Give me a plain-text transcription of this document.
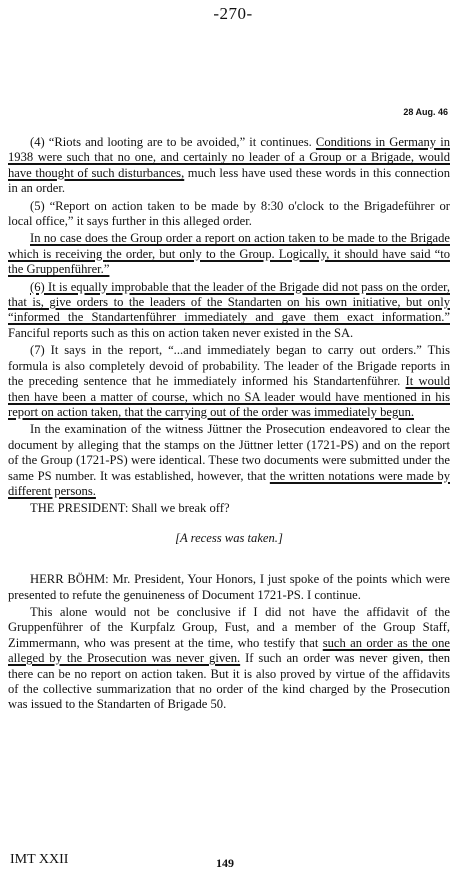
-270-
28 Aug. 46

(4) “Riots and looting are to be avoided,” it continues. Conditions in Germany in 1938 were such that no one, and certainly no leader of a Group or a Brigade, would have thought of such disturbances, much less have used these words in this connection in an order.

(5) “Report on action taken to be made by 8:30 o'clock to the Brigadeführer or local office,” it says further in this alleged order.

In no case does the Group order a report on action taken to be made to the Brigade which is receiving the order, but only to the Group. Logically, it should have said “to the Gruppenführer.”

(6) It is equally improbable that the leader of the Brigade did not pass on the order, that is, give orders to the leaders of the Standarten on his own initiative, but only “informed the Standartenführer immediately and gave them exact information.” Fanciful reports such as this on action taken never existed in the SA.

(7) It says in the report, “...and immediately began to carry out orders.” This formula is also completely devoid of probability. The leader of the Brigade reports in the preceding sentence that he immediately informed his Standartenführer. It would then have been a matter of course, which no SA leader would have mentioned in his report on action taken, that the carrying out of the order was immediately begun.

In the examination of the witness Jüttner the Prosecution endeavored to clear the document by alleging that the stamps on the Jüttner letter (1721-PS) and on the report of the Group (1721-PS) were identical. These two documents were submitted under the same PS number. It was established, however, that the written notations were made by different persons.

THE PRESIDENT: Shall we break off?

[A recess was taken.]

HERR BÖHM: Mr. President, Your Honors, I just spoke of the points which were presented to refute the genuineness of Document 1721-PS. I continue.

This alone would not be conclusive if I did not have the affidavit of the Gruppenführer of the Kurpfalz Group, Fust, and a member of the Group Staff, Zimmermann, who was present at the time, who testify that such an order as the one alleged by the Prosecution was never given. If such an order was never given, then there can be no report on action taken. But it is also proved by virtue of the affidavits of the collective summarization that no order of the kind charged by the Prosecution was issued to the Standarten of Brigade 50.

IMT XXII	149
